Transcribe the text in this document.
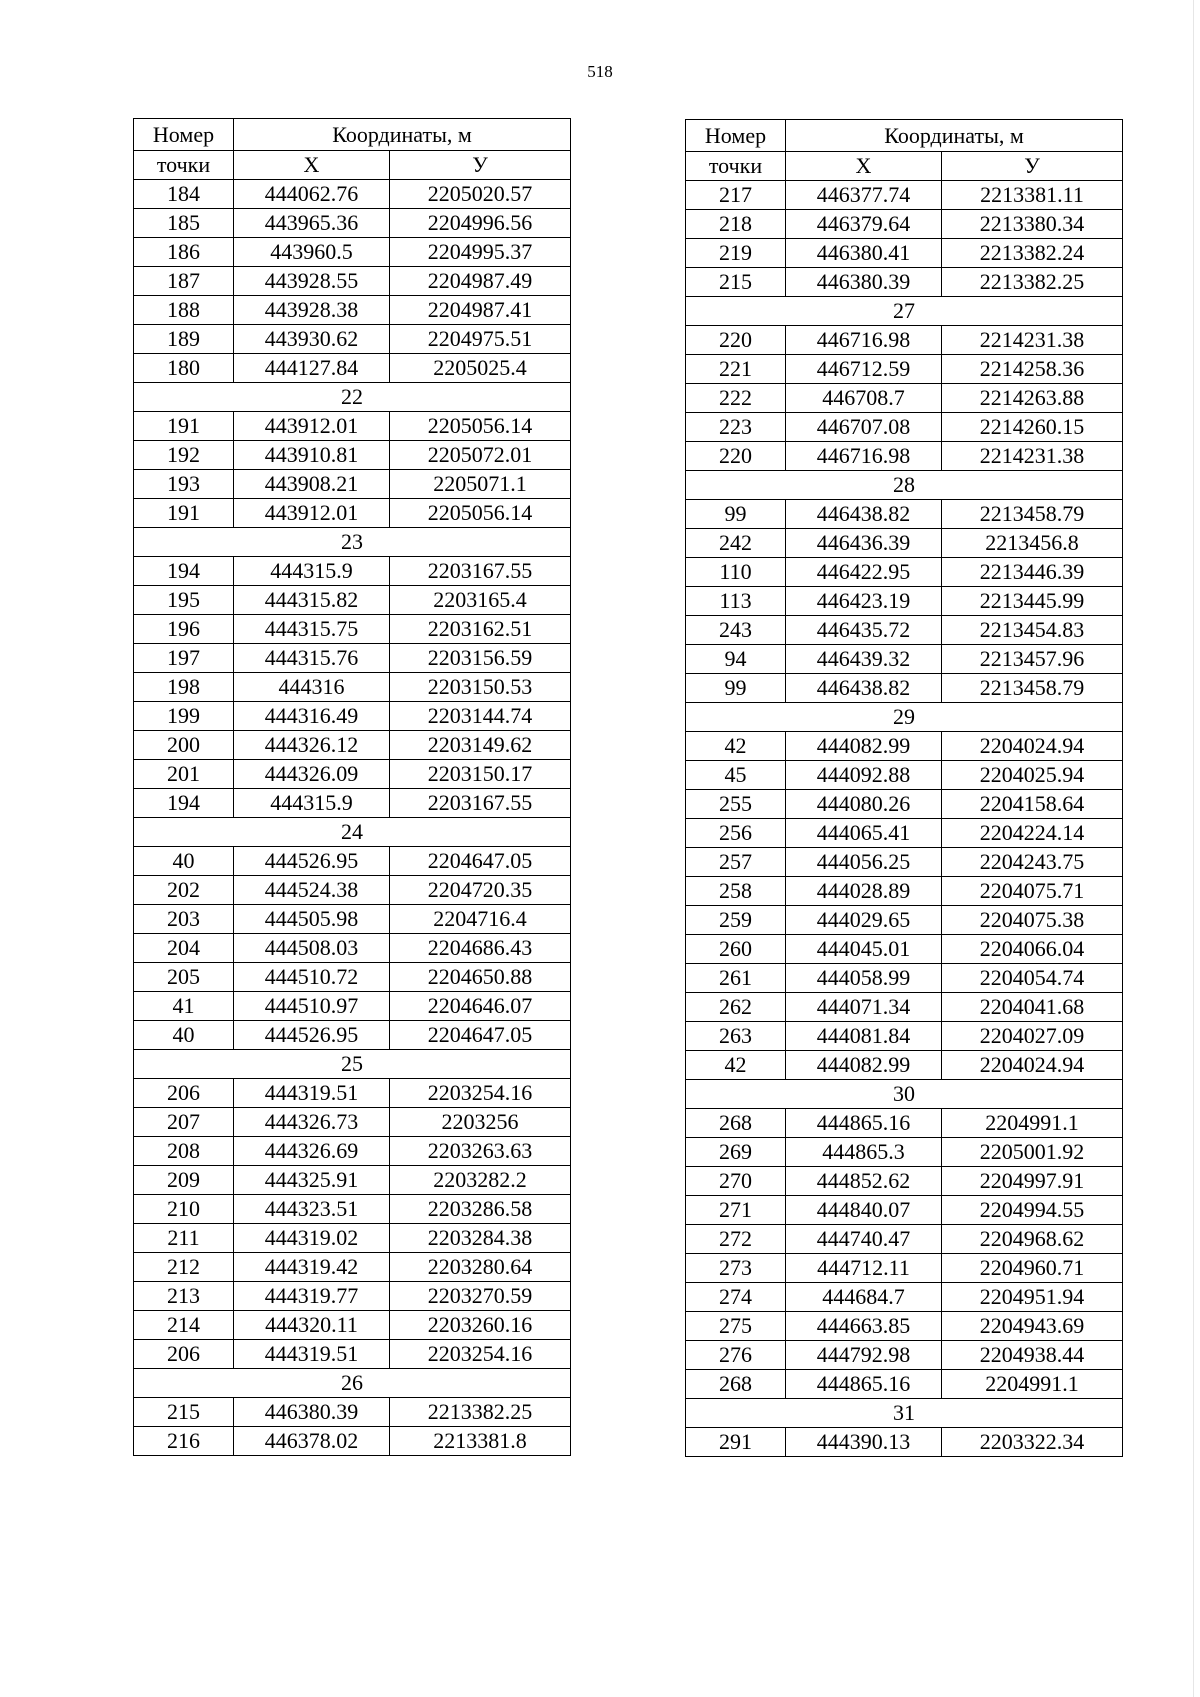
518
Номер	Координаты, м	
точки	X	У
184	444062.76	2205020.57
185	443965.36	2204996.56
186	443960.5	2204995.37
187	443928.55	2204987.49
188	443928.38	2204987.41
189	443930.62	2204975.51
180	444127.84	2205025.4
22		
191	443912.01	2205056.14
192	443910.81	2205072.01
193	443908.21	2205071.1
191	443912.01	2205056.14
23		
194	444315.9	2203167.55
195	444315.82	2203165.4
196	444315.75	2203162.51
197	444315.76	2203156.59
198	444316	2203150.53
199	444316.49	2203144.74
200	444326.12	2203149.62
201	444326.09	2203150.17
194	444315.9	2203167.55
24		
40	444526.95	2204647.05
202	444524.38	2204720.35
203	444505.98	2204716.4
204	444508.03	2204686.43
205	444510.72	2204650.88
41	444510.97	2204646.07
40	444526.95	2204647.05
25		
206	444319.51	2203254.16
207	444326.73	2203256
208	444326.69	2203263.63
209	444325.91	2203282.2
210	444323.51	2203286.58
211	444319.02	2203284.38
212	444319.42	2203280.64
213	444319.77	2203270.59
214	444320.11	2203260.16
206	444319.51	2203254.16
26		
215	446380.39	2213382.25
216	446378.02	2213381.8
Номер	Координаты, м	
точки	X	У
217	446377.74	2213381.11
218	446379.64	2213380.34
219	446380.41	2213382.24
215	446380.39	2213382.25
27		
220	446716.98	2214231.38
221	446712.59	2214258.36
222	446708.7	2214263.88
223	446707.08	2214260.15
220	446716.98	2214231.38
28		
99	446438.82	2213458.79
242	446436.39	2213456.8
110	446422.95	2213446.39
113	446423.19	2213445.99
243	446435.72	2213454.83
94	446439.32	2213457.96
99	446438.82	2213458.79
29		
42	444082.99	2204024.94
45	444092.88	2204025.94
255	444080.26	2204158.64
256	444065.41	2204224.14
257	444056.25	2204243.75
258	444028.89	2204075.71
259	444029.65	2204075.38
260	444045.01	2204066.04
261	444058.99	2204054.74
262	444071.34	2204041.68
263	444081.84	2204027.09
42	444082.99	2204024.94
30		
268	444865.16	2204991.1
269	444865.3	2205001.92
270	444852.62	2204997.91
271	444840.07	2204994.55
272	444740.47	2204968.62
273	444712.11	2204960.71
274	444684.7	2204951.94
275	444663.85	2204943.69
276	444792.98	2204938.44
268	444865.16	2204991.1
31		
291	444390.13	2203322.34
